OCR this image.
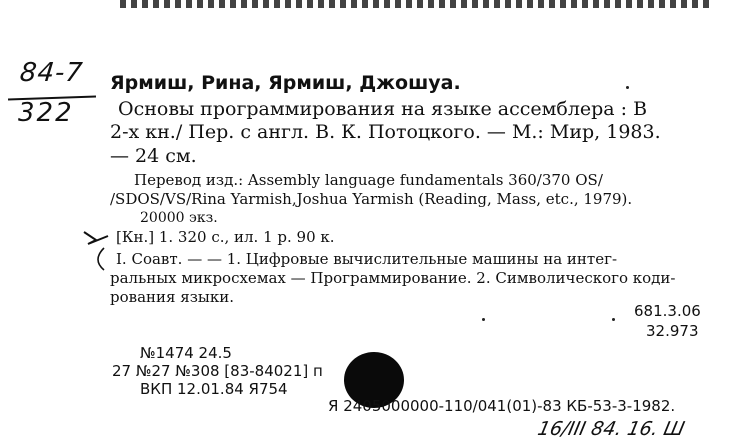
84-7
322
Ярмиш, Рина, Ярмиш, Джошуа.
Основы программирования на языке ассемблера : В
2-х кн./ Пер. с англ. В. К. Потоцкого. — М.: Мир, 1983.
— 24 см.
Перевод изд.: Assembly language fundamentals 360/370 OS/
/SDOS/VS/Rina Yarmish,Joshua Yarmish (Reading, Mass, etc., 1979).
20000 экз.
[Кн.] 1. 320 с., ил. 1 р. 90 к.
I. Соавт. — — 1. Цифровые вычислительные машины на интег-
ральных микросхемах — Программирование. 2. Символического коди-
рования языки.
681.3.06
32.973
№1474 24.5
27 №27 №308 [83-84021] п
ВКП 12.01.84 Я754
Я 2405000000-110/041(01)-83 КБ-53-3-1982.
16/III 84. 16. Ш
